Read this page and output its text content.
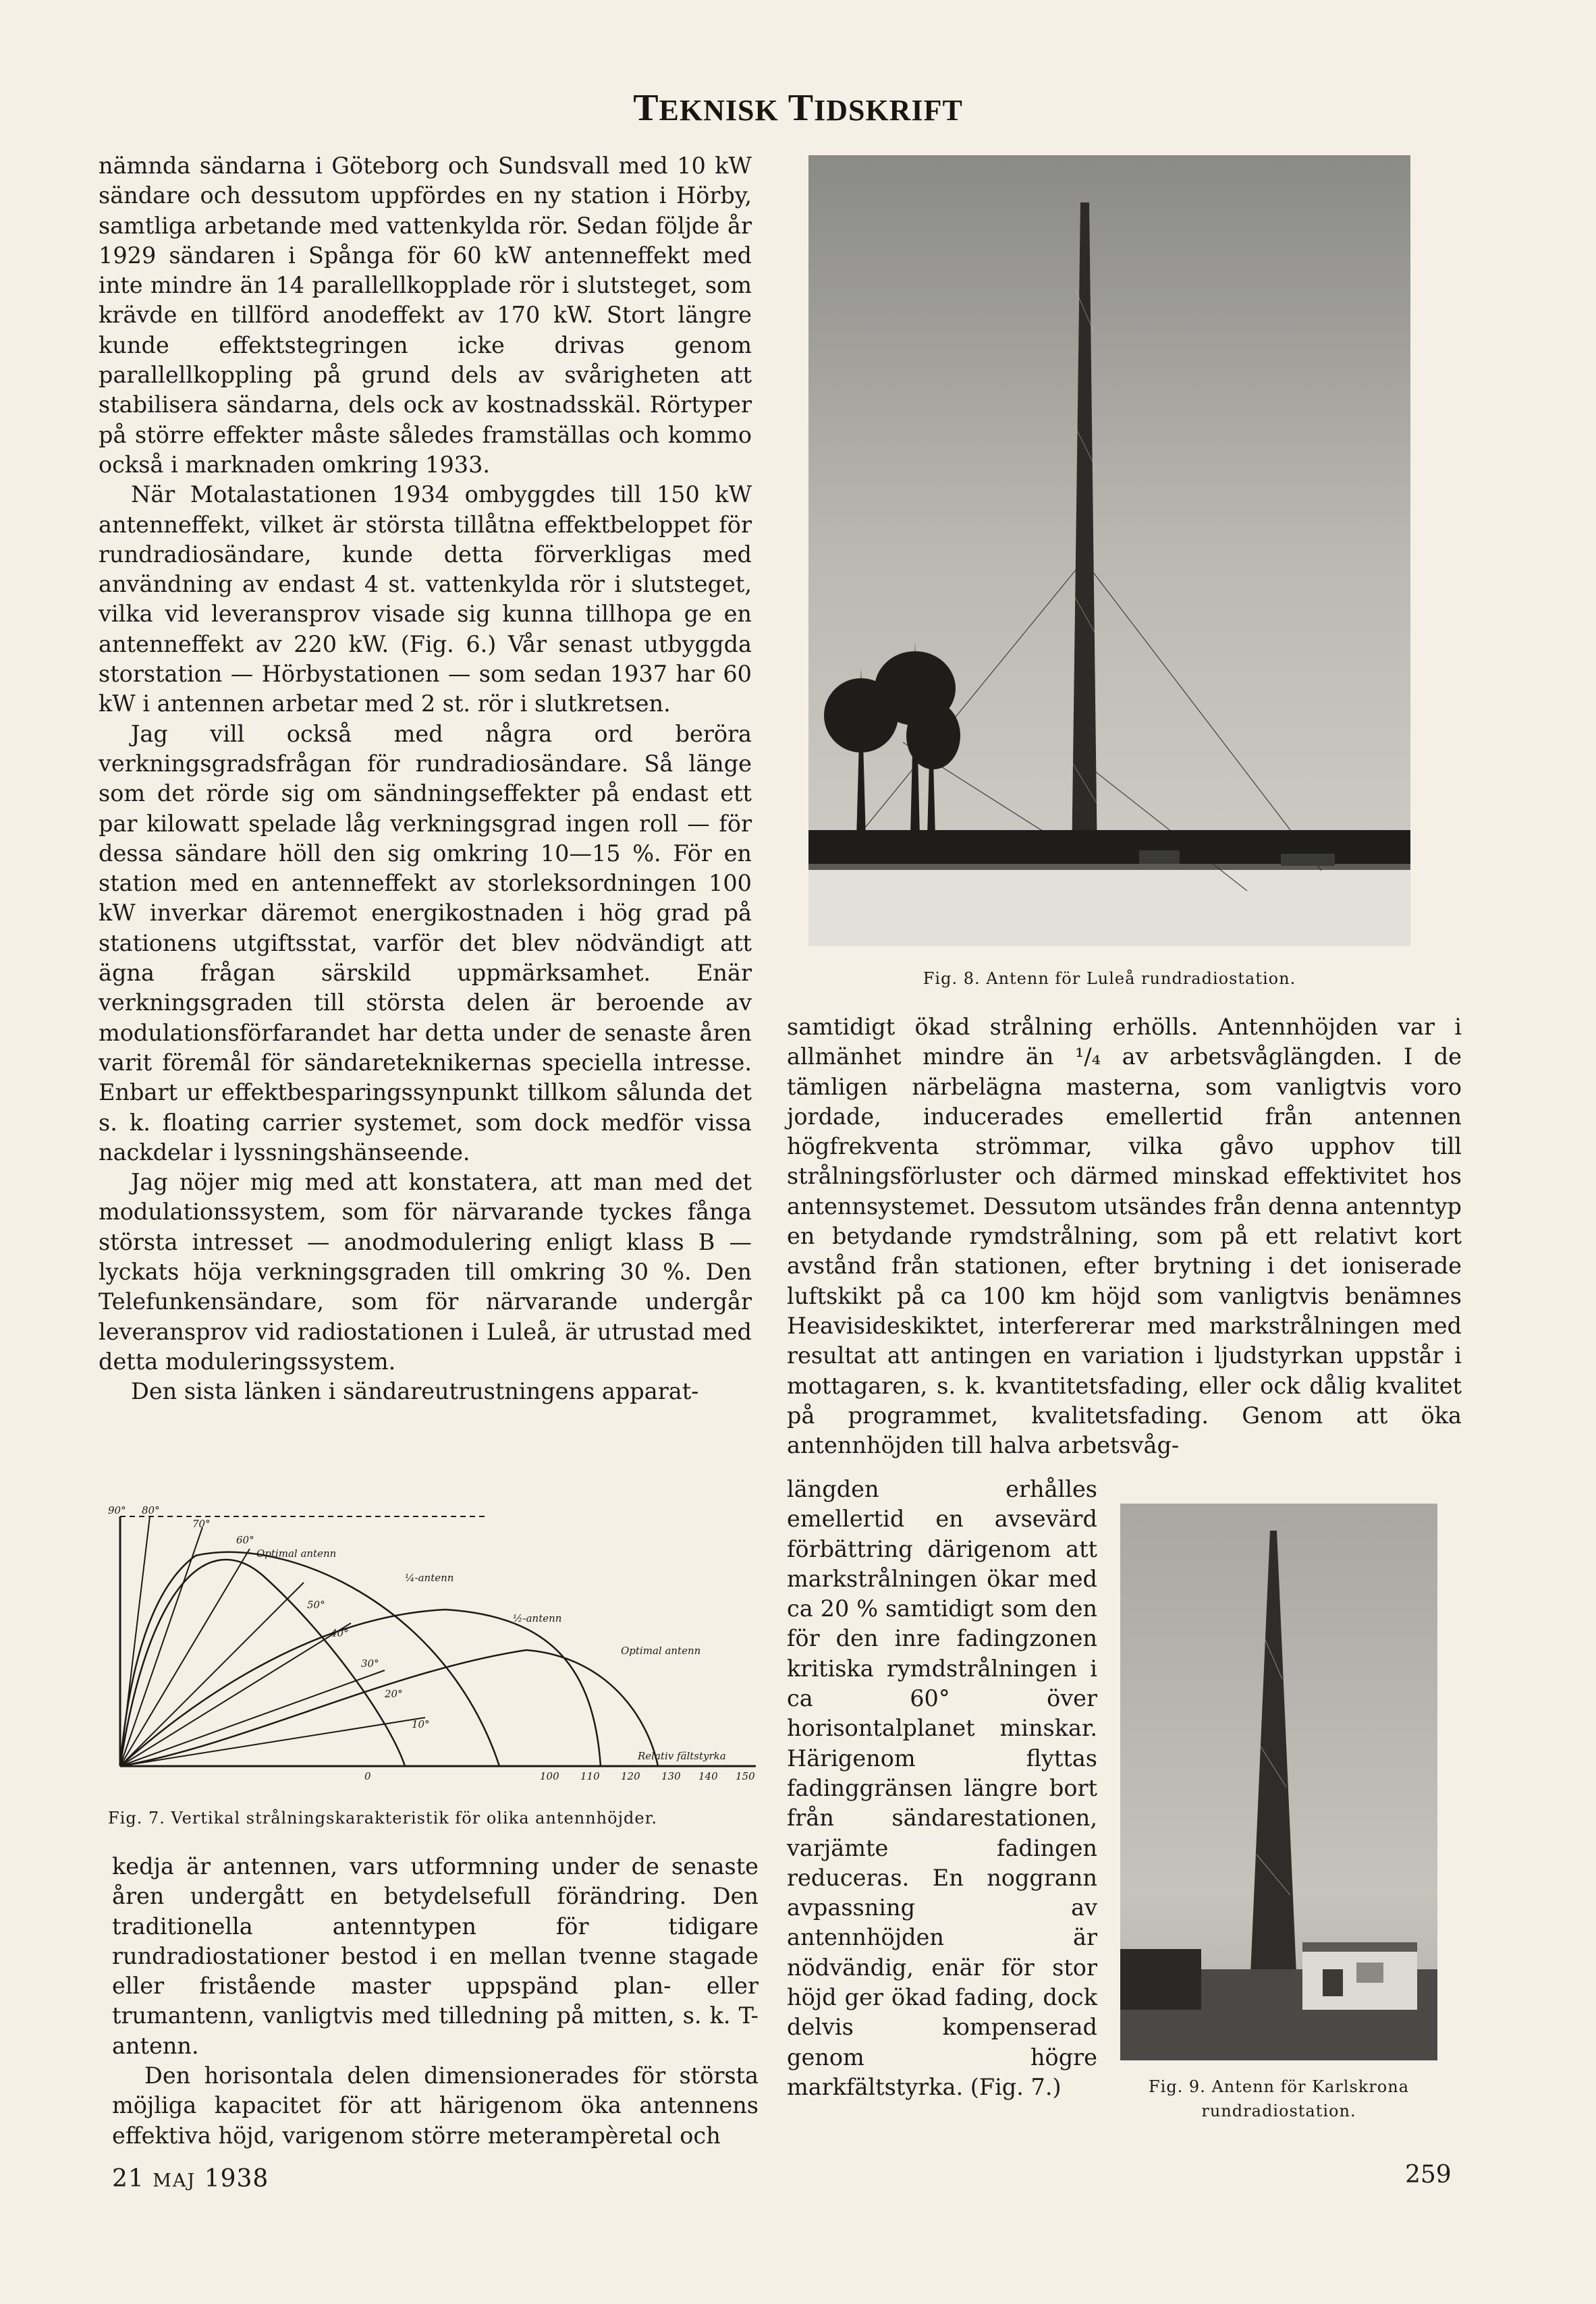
TEKNISK TIDSKRIFT

nämnda sändarna i Göteborg och Sundsvall med 10 kW sändare och dessutom uppfördes en ny station i Hörby, samtliga arbetande med vattenkylda rör. Sedan följde år 1929 sändaren i Spånga för 60 kW antenneffekt med inte mindre än 14 parallellkopplade rör i slutsteget, som krävde en tillförd anodeffekt av 170 kW. Stort längre kunde effektstegringen icke drivas genom parallellkoppling på grund dels av svårigheten att stabilisera sändarna, dels ock av kostnadsskäl. Rörtyper på större effekter måste således framställas och kommo också i marknaden omkring 1933.

När Motalastationen 1934 ombyggdes till 150 kW antenneffekt, vilket är största tillåtna effektbeloppet för rundradiosändare, kunde detta förverkligas med användning av endast 4 st. vattenkylda rör i slutsteget, vilka vid leveransprov visade sig kunna tillhopa ge en antenneffekt av 220 kW. (Fig. 6.) Vår senast utbyggda storstation — Hörbystationen — som sedan 1937 har 60 kW i antennen arbetar med 2 st. rör i slutkretsen.

Jag vill också med några ord beröra verkningsgradsfrågan för rundradiosändare. Så länge som det rörde sig om sändningseffekter på endast ett par kilowatt spelade låg verkningsgrad ingen roll — för dessa sändare höll den sig omkring 10—15 %. För en station med en antenneffekt av storleksordningen 100 kW inverkar däremot energikostnaden i hög grad på stationens utgiftsstat, varför det blev nödvändigt att ägna frågan särskild uppmärksamhet. Enär verkningsgraden till största delen är beroende av modulationsförfarandet har detta under de senaste åren varit föremål för sändareteknikernas speciella intresse. Enbart ur effektbesparingssynpunkt tillkom sålunda det s. k. floating carrier systemet, som dock medför vissa nackdelar i lyssningshänseende.

Jag nöjer mig med att konstatera, att man med det modulationssystem, som för närvarande tyckes fånga största intresset — anodmodulering enligt klass B — lyckats höja verkningsgraden till omkring 30 %. Den Telefunkensändare, som för närvarande undergår leveransprov vid radiostationen i Luleå, är utrustad med detta moduleringssystem.

Den sista länken i sändareutrustningens apparat-

90° 80°
70°
60°
50°
40°
30°
20°
10°
Optimal antenn
¼-antenn
½-antenn
Optimal antenn
Relativ fältstyrka
0	100 110 120 130 140 150
Fig. 7. Vertikal strålningskarakteristik för olika antennhöjder.

kedja är antennen, vars utformning under de senaste åren undergått en betydelsefull förändring. Den traditionella antenntypen för tidigare rundradiostationer bestod i en mellan tvenne stagade eller fristående master uppspänd plan- eller trumantenn, vanligtvis med tilledning på mitten, s. k. T-antenn.

Den horisontala delen dimensionerades för största möjliga kapacitet för att härigenom öka antennens effektiva höjd, varigenom större meterampèretal och

Fig. 8. Antenn för Luleå rundradiostation.

samtidigt ökad strålning erhölls. Antennhöjden var i allmänhet mindre än ¹/₄ av arbetsvåglängden. I de tämligen närbelägna masterna, som vanligtvis voro jordade, inducerades emellertid från antennen högfrekventa strömmar, vilka gåvo upphov till strålningsförluster och därmed minskad effektivitet hos antennsystemet. Dessutom utsändes från denna antenntyp en betydande rymdstrålning, som på ett relativt kort avstånd från stationen, efter brytning i det ioniserade luftskikt på ca 100 km höjd som vanligtvis benämnes Heavisideskiktet, interfererar med markstrålningen med resultat att antingen en variation i ljudstyrkan uppstår i mottagaren, s. k. kvantitetsfading, eller ock dålig kvalitet på programmet, kvalitetsfading. Genom att öka antennhöjden till halva arbetsvåg-

längden erhålles emellertid en avsevärd förbättring därigenom att markstrålningen ökar med ca 20 % samtidigt som den för den inre fadingzonen kritiska rymdstrålningen i ca 60° över horisontalplanet minskar. Härigenom flyttas fadinggränsen längre bort från sändarestationen, varjämte fadingen reduceras. En noggrann avpassning av antennhöjden är nödvändig, enär för stor höjd ger ökad fading, dock delvis kompenserad genom högre markfältstyrka. (Fig. 7.)	Fig. 9. Antenn för Karlskrona
rundradiostation.
21 MAJ 1938	259
